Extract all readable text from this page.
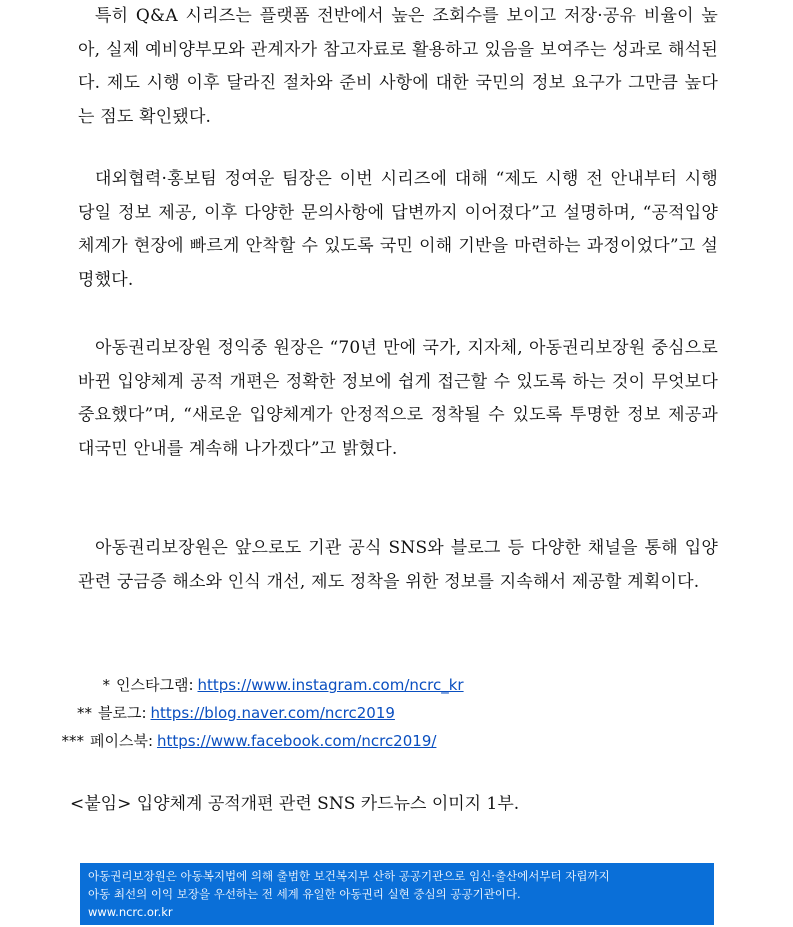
특히 Q&A 시리즈는 플랫폼 전반에서 높은 조회수를 보이고 저장·공유 비율이 높아, 실제 예비양부모와 관계자가 참고자료로 활용하고 있음을 보여주는 성과로 해석된다. 제도 시행 이후 달라진 절차와 준비 사항에 대한 국민의 정보 요구가 그만큼 높다는 점도 확인됐다.

대외협력·홍보팀 정여운 팀장은 이번 시리즈에 대해 “제도 시행 전 안내부터 시행 당일 정보 제공, 이후 다양한 문의사항에 답변까지 이어졌다”고 설명하며, “공적입양체계가 현장에 빠르게 안착할 수 있도록 국민 이해 기반을 마련하는 과정이었다”고 설명했다.

아동권리보장원 정익중 원장은 “70년 만에 국가, 지자체, 아동권리보장원 중심으로 바뀐 입양체계 공적 개편은 정확한 정보에 쉽게 접근할 수 있도록 하는 것이 무엇보다 중요했다”며, “새로운 입양체계가 안정적으로 정착될 수 있도록 투명한 정보 제공과 대국민 안내를 계속해 나가겠다”고 밝혔다.

아동권리보장원은 앞으로도 기관 공식 SNS와 블로그 등 다양한 채널을 통해 입양 관련 궁금증 해소와 인식 개선, 제도 정착을 위한 정보를 지속해서 제공할 계획이다.

* 인스타그램: https://www.instagram.com/ncrc_kr
** 블로그: https://blog.naver.com/ncrc2019
*** 페이스북: https://www.facebook.com/ncrc2019/

<붙임> 입양체계 공적개편 관련 SNS 카드뉴스 이미지 1부.

아동권리보장원은 아동복지법에 의해 출범한 보건복지부 산하 공공기관으로 임신·출산에서부터 자립까지
아동 최선의 이익 보장을 우선하는 전 세계 유일한 아동권리 실현 중심의 공공기관이다.
www.ncrc.or.kr
